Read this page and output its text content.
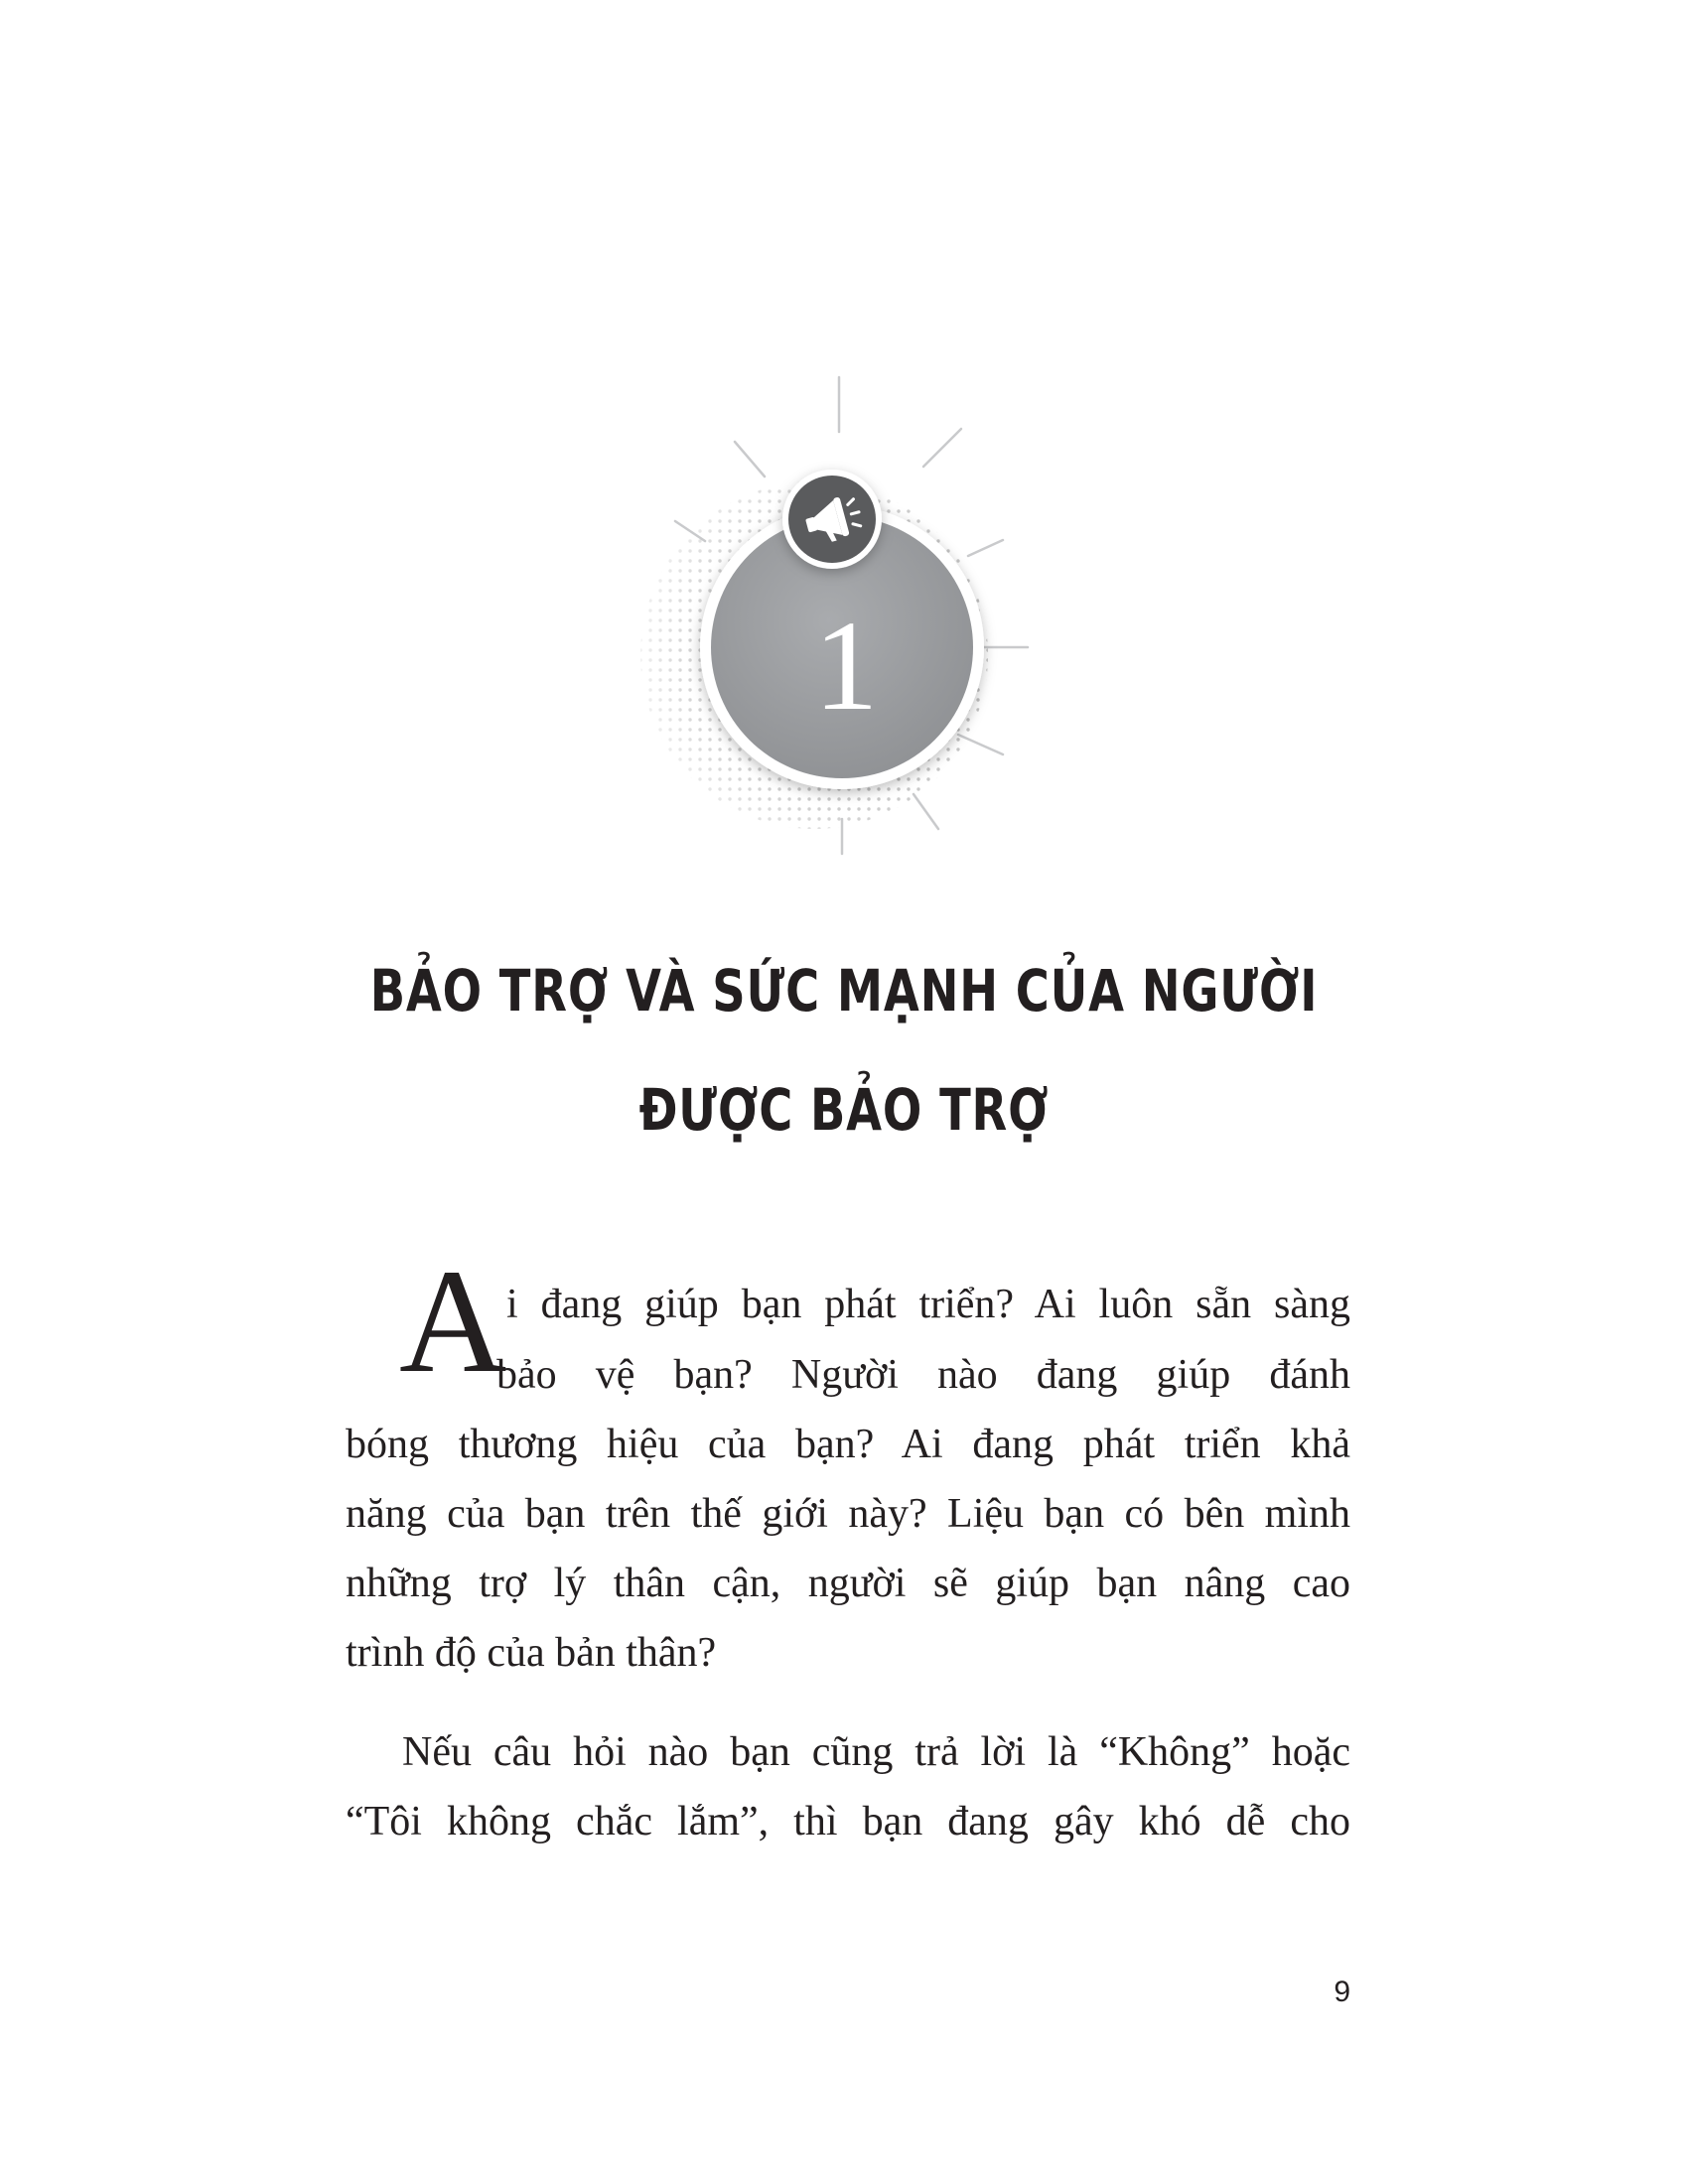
1
BẢO TRỢ VÀ SỨC MẠNH CỦA NGƯỜI
ĐƯỢC BẢO TRỢ
A i đang giúp bạn phát triển? Ai luôn sẵn sàng
bảo vệ bạn? Người nào đang giúp đánh
bóng thương hiệu của bạn? Ai đang phát triển khả
năng của bạn trên thế giới này? Liệu bạn có bên mình
những trợ lý thân cận, người sẽ giúp bạn nâng cao
trình độ của bản thân?
Nếu câu hỏi nào bạn cũng trả lời là “Không” hoặc
“Tôi không chắc lắm”, thì bạn đang gây khó dễ cho
9
